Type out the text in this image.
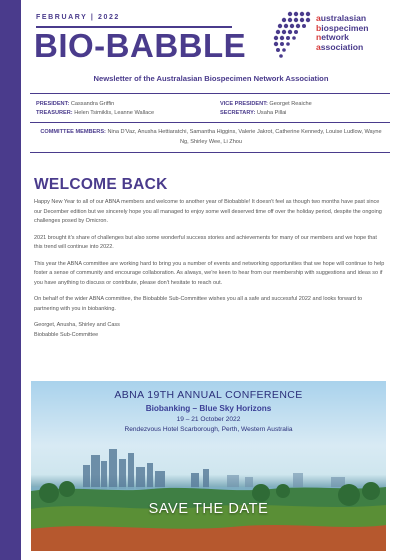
FEBRUARY | 2022
BIO-BABBLE
australasian
biospecimen
network
association
Newsletter of the Australasian Biospecimen Network Association
PRESIDENT: Cassandra Griffin	VICE PRESIDENT: Georget Reaiche
TREASURER: Helen Tsimiklis, Leanne Wallace	SECRETARY: Usaha Pillai
COMMITTEE MEMBERS: Nina D'Vaz, Anusha Hettiaratchi, Samantha Higgins, Valerie Jakrot, Catherine Kennedy, Louise Ludlow, Wayne Ng, Shirley Wee, Li Zhou
WELCOME BACK

Happy New Year to all of our ABNA members and welcome to another year of Biobabble! It doesn't feel as though two months have past since our December edition but we sincerely hope you all managed to enjoy some well deserved time off over the holiday period, despite the ongoing challenges posed by Omicron.

2021 brought it's share of challenges but also some wonderful success stories and achievements for many of our members and we hope that this trend will continue into 2022.

This year the ABNA committee are working hard to bring you a number of events and networking opportunities that we hope will continue to help foster a sense of community and encourage collaboration. As always, we're keen to hear from our membership with suggestions and ideas so if you have anything to discuss or contribute, please don't hesitate to reach out.

On behalf of the wider ABNA committee, the Biobabble Sub-Committee wishes you all a safe and successful 2022 and looks forward to partnering with you in biobanking.

Georget, Anusha, Shirley and Cass
Biobabble Sub-Committee
ABNA 19TH ANNUAL CONFERENCE
Biobanking – Blue Sky Horizons
19 – 21 October 2022
Rendezvous Hotel Scarborough, Perth, Western Australia
SAVE THE DATE
